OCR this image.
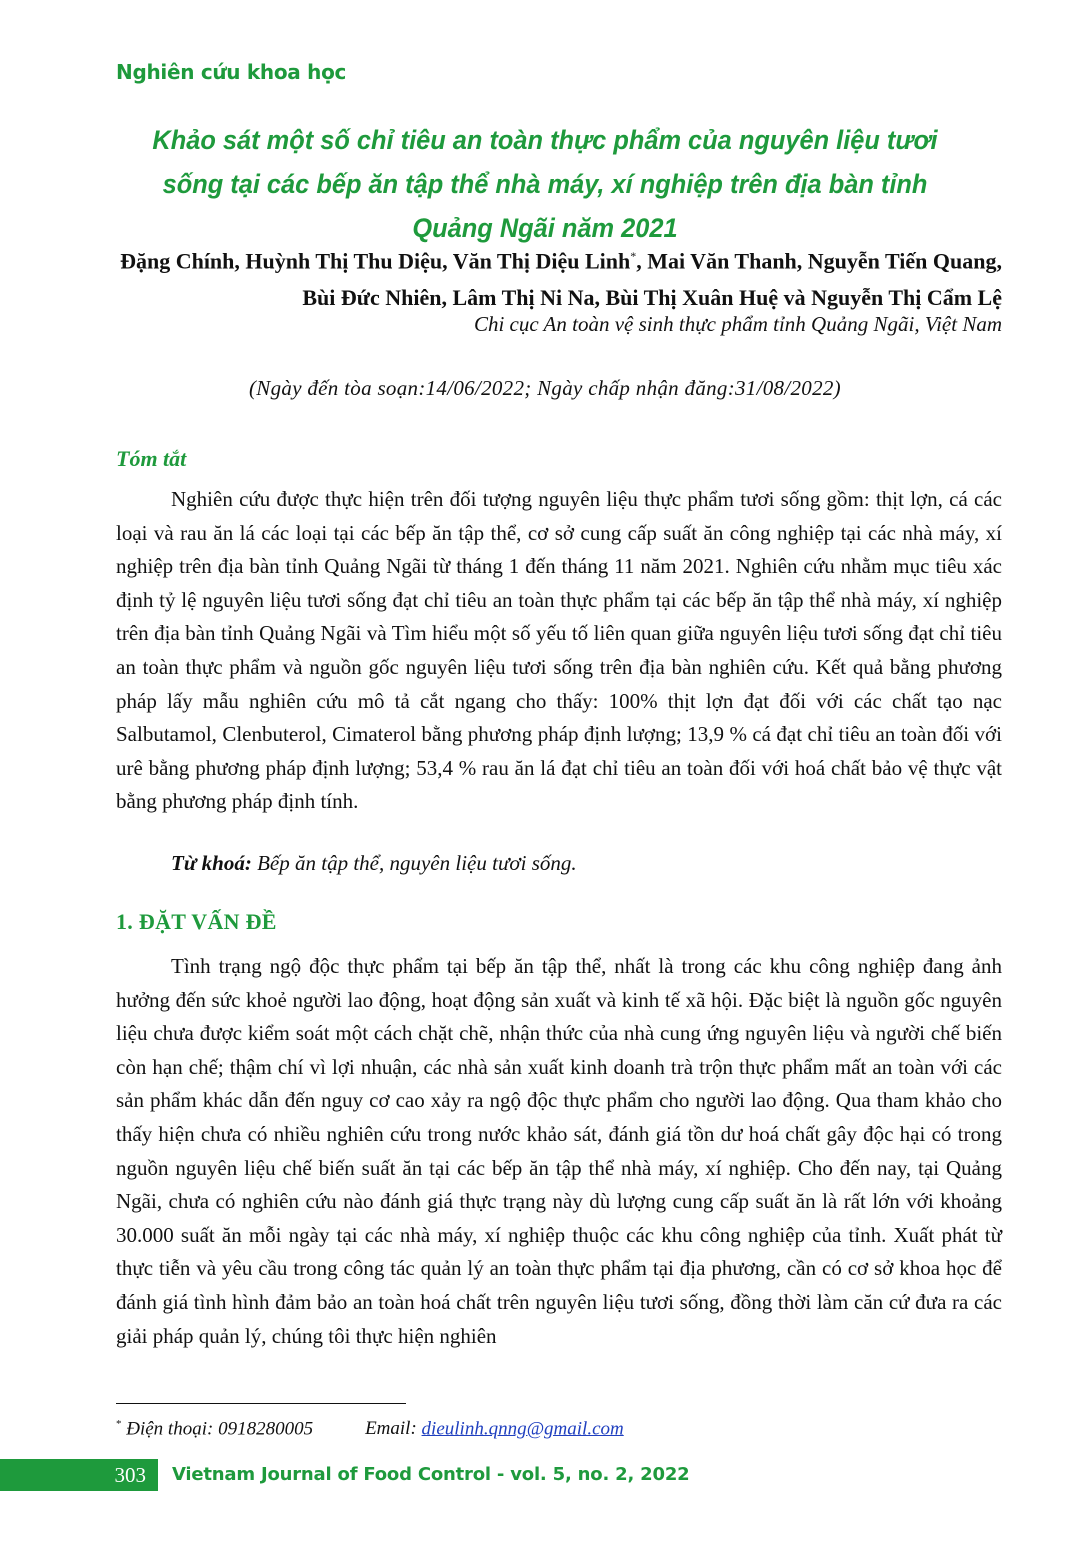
Nghiên cứu khoa học
Khảo sát một số chỉ tiêu an toàn thực phẩm của nguyên liệu tươi sống tại các bếp ăn tập thể nhà máy, xí nghiệp trên địa bàn tỉnh Quảng Ngãi năm 2021
Đặng Chính, Huỳnh Thị Thu Diệu, Văn Thị Diệu Linh*, Mai Văn Thanh, Nguyễn Tiến Quang, Bùi Đức Nhiên, Lâm Thị Ni Na, Bùi Thị Xuân Huệ và Nguyễn Thị Cẩm Lệ
Chi cục An toàn vệ sinh thực phẩm tỉnh Quảng Ngãi, Việt Nam
(Ngày đến tòa soạn:14/06/2022; Ngày chấp nhận đăng:31/08/2022)
Tóm tắt
Nghiên cứu được thực hiện trên đối tượng nguyên liệu thực phẩm tươi sống gồm: thịt lợn, cá các loại và rau ăn lá các loại tại các bếp ăn tập thể, cơ sở cung cấp suất ăn công nghiệp tại các nhà máy, xí nghiệp trên địa bàn tỉnh Quảng Ngãi từ tháng 1 đến tháng 11 năm 2021. Nghiên cứu nhằm mục tiêu xác định tỷ lệ nguyên liệu tươi sống đạt chỉ tiêu an toàn thực phẩm tại các bếp ăn tập thể nhà máy, xí nghiệp trên địa bàn tỉnh Quảng Ngãi và Tìm hiểu một số yếu tố liên quan giữa nguyên liệu tươi sống đạt chỉ tiêu an toàn thực phẩm và nguồn gốc nguyên liệu tươi sống trên địa bàn nghiên cứu. Kết quả bằng phương pháp lấy mẫu nghiên cứu mô tả cắt ngang cho thấy: 100% thịt lợn đạt đối với các chất tạo nạc Salbutamol, Clenbuterol, Cimaterol bằng phương pháp định lượng; 13,9 % cá đạt chỉ tiêu an toàn đối với urê bằng phương pháp định lượng; 53,4 % rau ăn lá đạt chỉ tiêu an toàn đối với hoá chất bảo vệ thực vật bằng phương pháp định tính.
Từ khoá: Bếp ăn tập thể, nguyên liệu tươi sống.
1. ĐẶT VẤN ĐỀ
Tình trạng ngộ độc thực phẩm tại bếp ăn tập thể, nhất là trong các khu công nghiệp đang ảnh hưởng đến sức khoẻ người lao động, hoạt động sản xuất và kinh tế xã hội. Đặc biệt là nguồn gốc nguyên liệu chưa được kiểm soát một cách chặt chẽ, nhận thức của nhà cung ứng nguyên liệu và người chế biến còn hạn chế; thậm chí vì lợi nhuận, các nhà sản xuất kinh doanh trà trộn thực phẩm mất an toàn với các sản phẩm khác dẫn đến nguy cơ cao xảy ra ngộ độc thực phẩm cho người lao động. Qua tham khảo cho thấy hiện chưa có nhiều nghiên cứu trong nước khảo sát, đánh giá tồn dư hoá chất gây độc hại có trong nguồn nguyên liệu chế biến suất ăn tại các bếp ăn tập thể nhà máy, xí nghiệp. Cho đến nay, tại Quảng Ngãi, chưa có nghiên cứu nào đánh giá thực trạng này dù lượng cung cấp suất ăn là rất lớn với khoảng 30.000 suất ăn mỗi ngày tại các nhà máy, xí nghiệp thuộc các khu công nghiệp của tỉnh. Xuất phát từ thực tiễn và yêu cầu trong công tác quản lý an toàn thực phẩm tại địa phương, cần có cơ sở khoa học để đánh giá tình hình đảm bảo an toàn hoá chất trên nguyên liệu tươi sống, đồng thời làm căn cứ đưa ra các giải pháp quản lý, chúng tôi thực hiện nghiên
* Điện thoại: 0918280005	Email: dieulinh.qnng@gmail.com
303	Vietnam Journal of Food Control - vol. 5, no. 2, 2022
